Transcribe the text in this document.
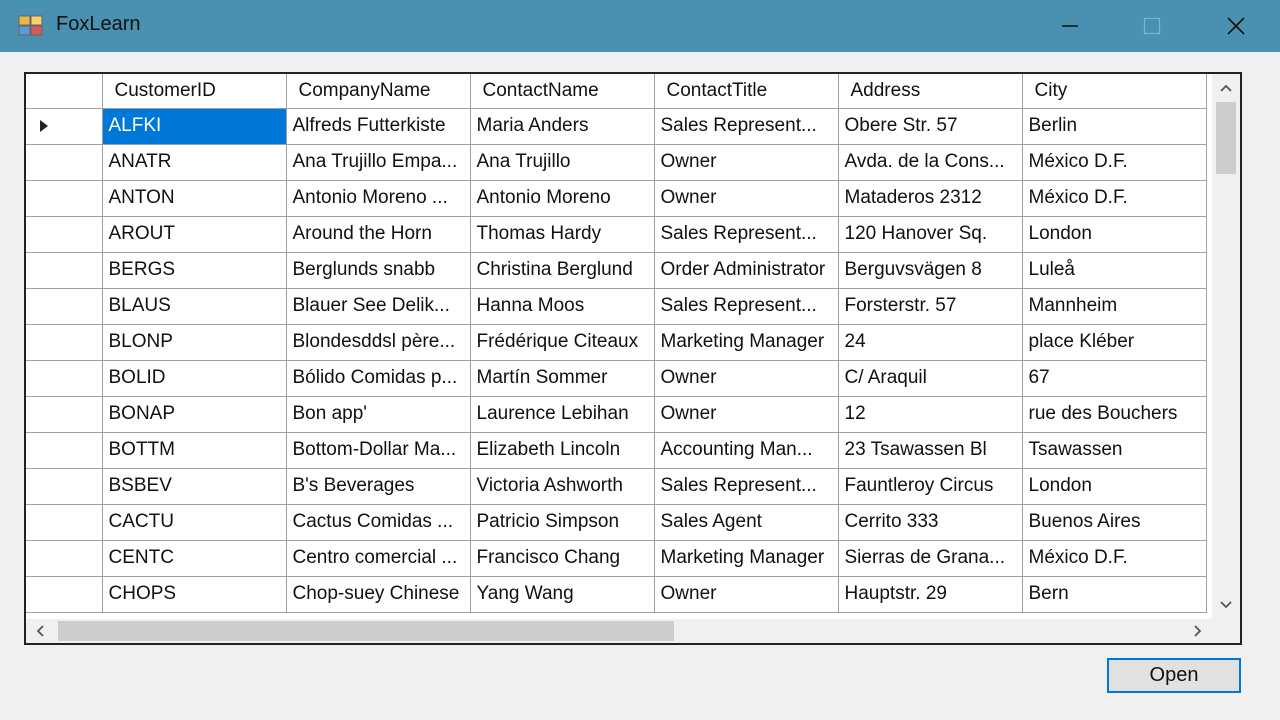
FoxLearn
	CustomerID	CompanyName	ContactName	ContactTitle	Address	City
	ALFKI	Alfreds Futterkiste	Maria Anders	Sales Represent...	Obere Str. 57	Berlin
	ANATR	Ana Trujillo Empa...	Ana Trujillo	Owner	Avda. de la Cons...	México D.F.
	ANTON	Antonio Moreno ...	Antonio Moreno	Owner	Mataderos 2312	México D.F.
	AROUT	Around the Horn	Thomas Hardy	Sales Represent...	120 Hanover Sq.	London
	BERGS	Berglunds snabb	Christina Berglund	Order Administrator	Berguvsvägen 8	Luleå
	BLAUS	Blauer See Delik...	Hanna Moos	Sales Represent...	Forsterstr. 57	Mannheim
	BLONP	Blondesddsl père...	Frédérique Citeaux	Marketing Manager	24	place Kléber
	BOLID	Bólido Comidas p...	Martín Sommer	Owner	C/ Araquil	67
	BONAP	Bon app'	Laurence Lebihan	Owner	12	rue des Bouchers
	BOTTM	Bottom-Dollar Ma...	Elizabeth Lincoln	Accounting Man...	23 Tsawassen Bl	Tsawassen
	BSBEV	B's Beverages	Victoria Ashworth	Sales Represent...	Fauntleroy Circus	London
	CACTU	Cactus Comidas ...	Patricio Simpson	Sales Agent	Cerrito 333	Buenos Aires
	CENTC	Centro comercial ...	Francisco Chang	Marketing Manager	Sierras de Grana...	México D.F.
	CHOPS	Chop-suey Chinese	Yang Wang	Owner	Hauptstr. 29	Bern
Open
